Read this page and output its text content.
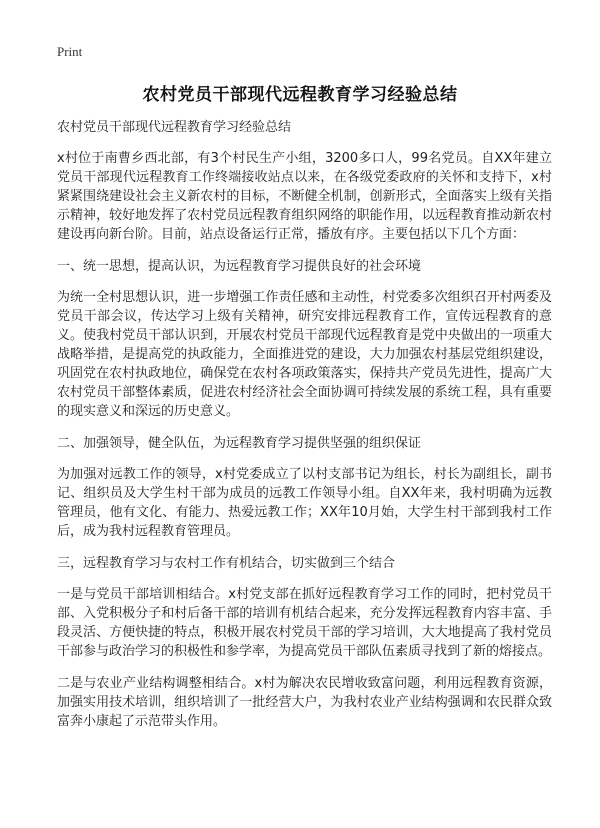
Print
农村党员干部现代远程教育学习经验总结

农村党员干部现代远程教育学习经验总结

x村位于南曹乡西北部，有3个村民生产小组，3200多口人，99名党员。自XX年建立党员干部现代远程教育工作终端接收站点以来，在各级党委政府的关怀和支持下，x村紧紧围绕建设社会主义新农村的目标，不断健全机制，创新形式，全面落实上级有关指示精神，较好地发挥了农村党员远程教育组织网络的职能作用，以远程教育推动新农村建设再向新台阶。目前，站点设备运行正常，播放有序。主要包括以下几个方面：

一、统一思想，提高认识，为远程教育学习提供良好的社会环境

为统一全村思想认识，进一步增强工作责任感和主动性，村党委多次组织召开村两委及党员干部会议，传达学习上级有关精神，研究安排远程教育工作，宣传远程教育的意义。使我村党员干部认识到，开展农村党员干部现代远程教育是党中央做出的一项重大战略举措，是提高党的执政能力，全面推进党的建设，大力加强农村基层党组织建设，巩固党在农村执政地位，确保党在农村各项政策落实，保持共产党员先进性，提高广大农村党员干部整体素质，促进农村经济社会全面协调可持续发展的系统工程，具有重要的现实意义和深远的历史意义。

二、加强领导，健全队伍，为远程教育学习提供坚强的组织保证

为加强对远教工作的领导，x村党委成立了以村支部书记为组长，村长为副组长，副书记、组织员及大学生村干部为成员的远教工作领导小组。自XX年来，我村明确为远教管理员，他有文化、有能力、热爱远教工作；XX年10月始，大学生村干部到我村工作后，成为我村远程教育管理员。

三，远程教育学习与农村工作有机结合，切实做到三个结合

一是与党员干部培训相结合。x村党支部在抓好远程教育学习工作的同时，把村党员干部、入党积极分子和村后备干部的培训有机结合起来，充分发挥远程教育内容丰富、手段灵活、方便快捷的特点，积极开展农村党员干部的学习培训，大大地提高了我村党员干部参与政治学习的积极性和参学率，为提高党员干部队伍素质寻找到了新的熔接点。

二是与农业产业结构调整相结合。x村为解决农民增收致富问题，利用远程教育资源，加强实用技术培训，组织培训了一批经营大户，为我村农业产业结构强调和农民群众致富奔小康起了示范带头作用。
